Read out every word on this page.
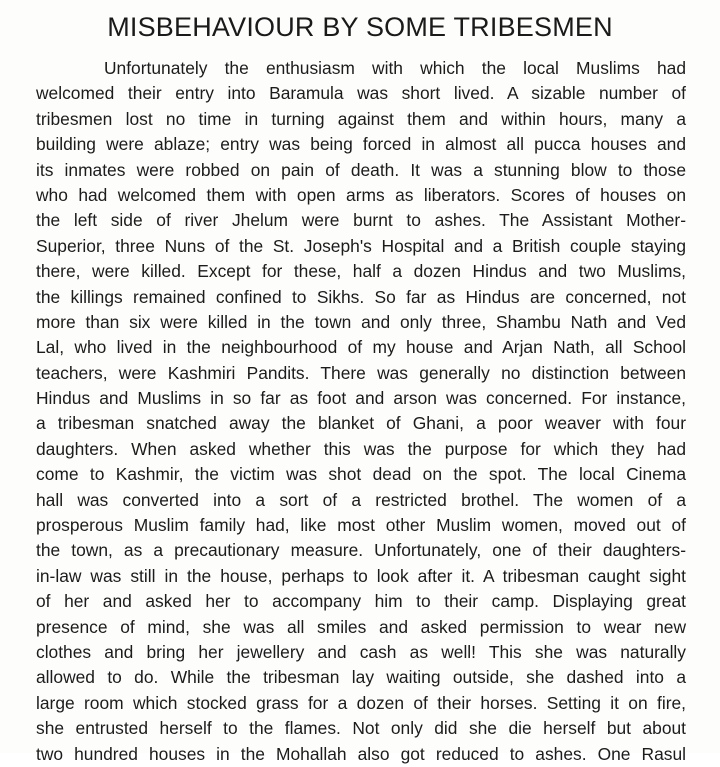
MISBEHAVIOUR BY SOME TRIBESMEN
Unfortunately the enthusiasm with which the local Muslims had
welcomed their entry into Baramula was short lived. A sizable number of
tribesmen lost no time in turning against them and within hours, many a
building were ablaze; entry was being forced in almost all pucca houses and
its inmates were robbed on pain of death. It was a stunning blow to those
who had welcomed them with open arms as liberators. Scores of houses on
the left side of river Jhelum were burnt to ashes. The Assistant Mother-
Superior, three Nuns of the St. Joseph's Hospital and a British couple staying
there, were killed. Except for these, half a dozen Hindus and two Muslims,
the killings remained confined to Sikhs. So far as Hindus are concerned, not
more than six were killed in the town and only three, Shambu Nath and Ved
Lal, who lived in the neighbourhood of my house and Arjan Nath, all School
teachers, were Kashmiri Pandits. There was generally no distinction between
Hindus and Muslims in so far as foot and arson was concerned. For instance,
a tribesman snatched away the blanket of Ghani, a poor weaver with four
daughters. When asked whether this was the purpose for which they had
come to Kashmir, the victim was shot dead on the spot. The local Cinema
hall was converted into a sort of a restricted brothel. The women of a
prosperous Muslim family had, like most other Muslim women, moved out of
the town, as a precautionary measure. Unfortunately, one of their daughters-
in-law was still in the house, perhaps to look after it. A tribesman caught sight
of her and asked her to accompany him to their camp. Displaying great
presence of mind, she was all smiles and asked permission to wear new
clothes and bring her jewellery and cash as well! This she was naturally
allowed to do. While the tribesman lay waiting outside, she dashed into a
large room which stocked grass for a dozen of their horses. Setting it on fire,
she entrusted herself to the flames. Not only did she die herself but about
two hundred houses in the Mohallah also got reduced to ashes. One Rasul
